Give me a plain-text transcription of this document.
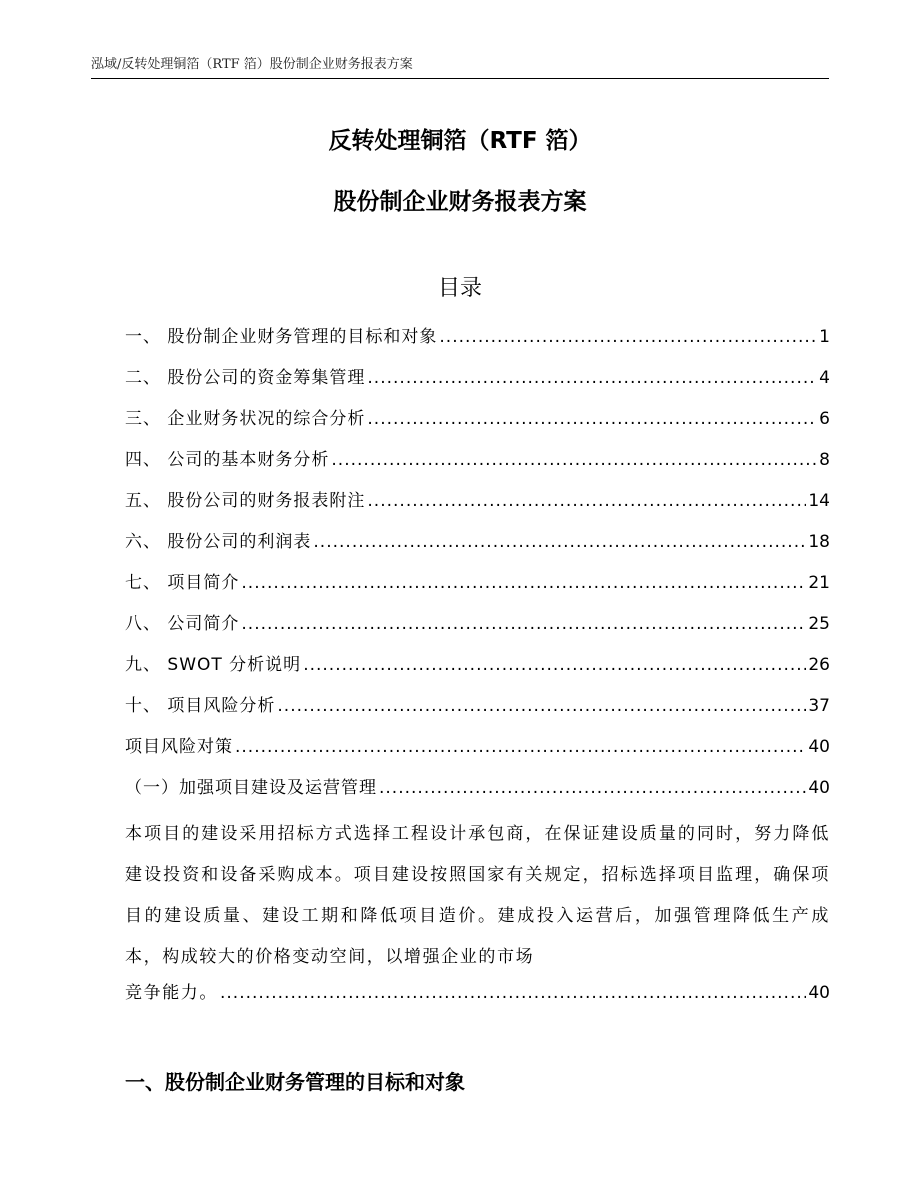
泓域/反转处理铜箔（RTF 箔）股份制企业财务报表方案
反转处理铜箔（RTF 箔）
股份制企业财务报表方案
目录
一、 股份制企业财务管理的目标和对象 .....	1
二、 股份公司的资金筹集管理 .....	4
三、 企业财务状况的综合分析 .....	6
四、 公司的基本财务分析 .....	8
五、 股份公司的财务报表附注 .....	14
六、 股份公司的利润表 .....	18
七、 项目简介 .....	21
八、 公司简介 .....	25
九、 SWOT 分析说明 .....	26
十、 项目风险分析 .....	37
项目风险对策 .....	40
（一）加强项目建设及运营管理 .....	40
本项目的建设采用招标方式选择工程设计承包商，在保证建设质量的同时，努力降低建设投资和设备采购成本。项目建设按照国家有关规定，招标选择项目监理，确保项目的建设质量、建设工期和降低项目造价。建成投入运营后，加强管理降低生产成本，构成较大的价格变动空间，以增强企业的市场
竞争能力。 .....	40
一、股份制企业财务管理的目标和对象
